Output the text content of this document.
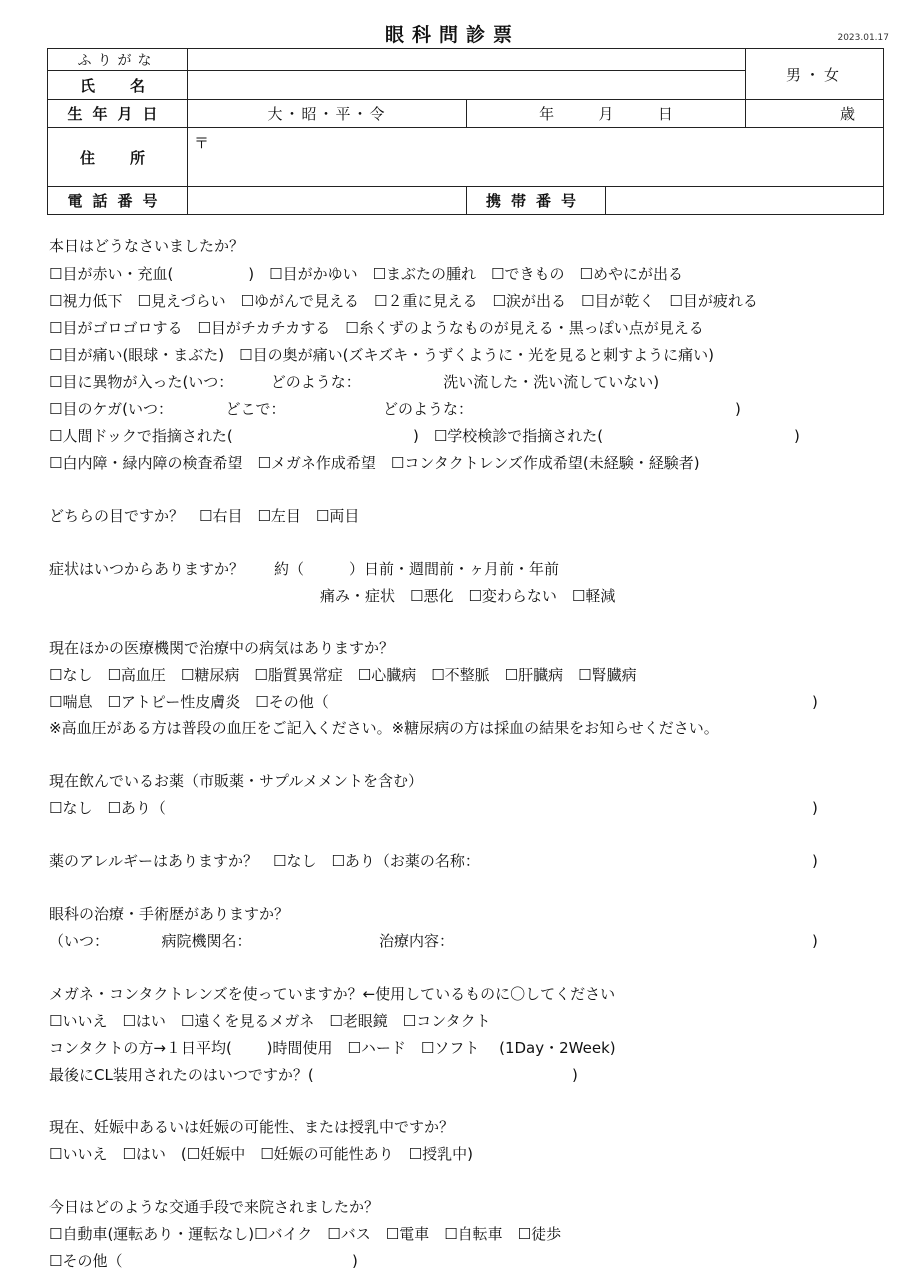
眼科問診票	2023.01.17
ふりがな				男・女
氏　名				
生年月日	大・昭・平・令	年 月 日		歳
住　所	〒			
電話番号		携帯番号		
本日はどうなさいましたか？
☐目が赤い・充血(　　　　　)　☐目がかゆい　☐まぶたの腫れ　☐できもの　☐めやにが出る
☐視力低下　☐見えづらい　☐ゆがんで見える　☐２重に見える　☐涙が出る　☐目が乾く　☐目が疲れる
☐目がゴロゴロする　☐目がチカチカする　☐糸くずのようなものが見える・黒っぽい点が見える
☐目が痛い(眼球・まぶた)　☐目の奥が痛い(ズキズキ・うずくように・光を見ると刺すように痛い)
☐目に異物が入った(いつ：　　　どのような：　　　　　　洗い流した・洗い流していない)
☐目のケガ(いつ：　　　　どこで：　　　　　　　どのような：	)
☐人間ドックで指摘された(	)　☐学校検診で指摘された(	)
☐白内障・緑内障の検査希望　☐メガネ作成希望　☐コンタクトレンズ作成希望(未経験・経験者)
どちらの目ですか？　☐右目　☐左目　☐両目
症状はいつからありますか？　　約（　　　）日前・週間前・ヶ月前・年前
痛み・症状　☐悪化　☐変わらない　☐軽減
現在ほかの医療機関で治療中の病気はありますか？
☐なし　☐高血圧　☐糖尿病　☐脂質異常症　☐心臓病　☐不整脈　☐肝臓病　☐腎臓病
☐喘息　☐アトピー性皮膚炎　☐その他（	)
※高血圧がある方は普段の血圧をご記入ください。※糖尿病の方は採血の結果をお知らせください。
現在飲んでいるお薬（市販薬・サプルメメントを含む）
☐なし　☐あり（	)
薬のアレルギーはありますか？　☐なし　☐あり（お薬の名称：	)
眼科の治療・手術歴がありますか？
（いつ：　　　　病院機関名：　　　　　　　　　治療内容：	)
メガネ・コンタクトレンズを使っていますか？←使用しているものに〇してください
☐いいえ　☐はい　☐遠くを見るメガネ　☐老眼鏡　☐コンタクト
コンタクトの方→１日平均(　　 )時間使用　☐ハード　☐ソフト　 (1Day・2Week)
最後にCL装用されたのはいつですか？(	)
現在、妊娠中あるいは妊娠の可能性、または授乳中ですか？
☐いいえ　☐はい　(☐妊娠中　☐妊娠の可能性あり　☐授乳中)
今日はどのような交通手段で来院されましたか？
☐自動車(運転あり・運転なし)☐バイク　☐バス　☐電車　☐自転車　☐徒歩
☐その他（	)
